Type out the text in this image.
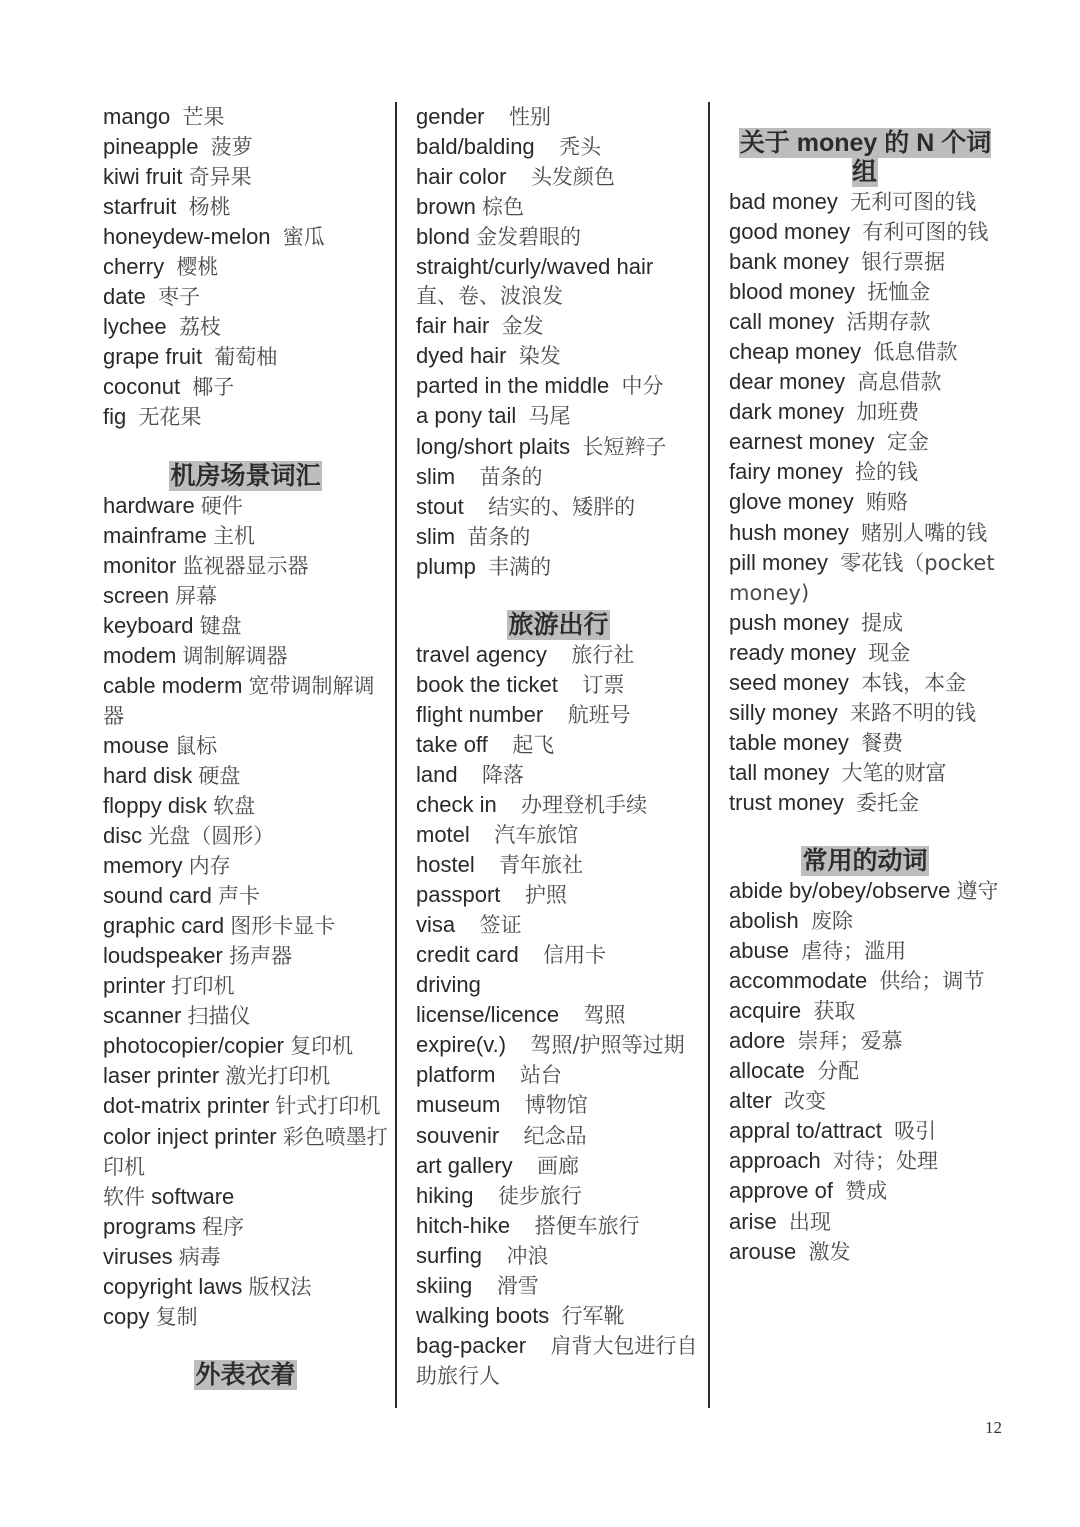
mango 芒果
pineapple 菠萝
kiwi fruit 奇异果
starfruit 杨桃
honeydew-melon 蜜瓜
cherry 樱桃
date 枣子
lychee 荔枝
grape fruit 葡萄柚
coconut 椰子
fig 无花果
机房场景词汇
hardware 硬件
mainframe 主机
monitor 监视器显示器
screen 屏幕
keyboard 键盘
modem 调制解调器
cable moderm 宽带调制解调器
mouse 鼠标
hard disk 硬盘
floppy disk 软盘
disc 光盘（圆形）
memory 内存
sound card 声卡
graphic card 图形卡显卡
loudspeaker 扬声器
printer 打印机
scanner 扫描仪
photocopier/copier 复印机
laser printer 激光打印机
dot-matrix printer 针式打印机
color inject printer 彩色喷墨打印机
软件 software
programs 程序
viruses 病毒
copyright laws 版权法
copy 复制
外表衣着
gender 性别
bald/balding 秃头
hair color 头发颜色
brown 棕色
blond 金发碧眼的
straight/curly/waved hair 直、卷、波浪发
fair hair 金发
dyed hair 染发
parted in the middle 中分
a pony tail 马尾
long/short plaits 长短辫子
slim 苗条的
stout 结实的、矮胖的
slim 苗条的
plump 丰满的
旅游出行
travel agency 旅行社
book the ticket 订票
flight number 航班号
take off 起飞
land 降落
check in 办理登机手续
motel 汽车旅馆
hostel 青年旅社
passport 护照
visa 签证
credit card 信用卡
driving
license/licence 驾照
expire(v.) 驾照/护照等过期
platform 站台
museum 博物馆
souvenir 纪念品
art gallery 画廊
hiking 徒步旅行
hitch-hike 搭便车旅行
surfing 冲浪
skiing 滑雪
walking boots 行军靴
bag-packer 肩背大包进行自助旅行人
关于 money 的 N 个词组
bad money 无利可图的钱
good money 有利可图的钱
bank money 银行票据
blood money 抚恤金
call money 活期存款
cheap money 低息借款
dear money 高息借款
dark money 加班费
earnest money 定金
fairy money 捡的钱
glove money 贿赂
hush money 赌别人嘴的钱
pill money 零花钱（pocket money)
push money 提成
ready money 现金
seed money 本钱，本金
silly money 来路不明的钱
table money 餐费
tall money 大笔的财富
trust money 委托金
常用的动词
abide by/obey/observe 遵守
abolish 废除
abuse 虐待；滥用
accommodate 供给；调节
acquire 获取
adore 崇拜；爱慕
allocate 分配
alter 改变
appral to/attract 吸引
approach 对待；处理
approve of 赞成
arise 出现
arouse 激发
12
